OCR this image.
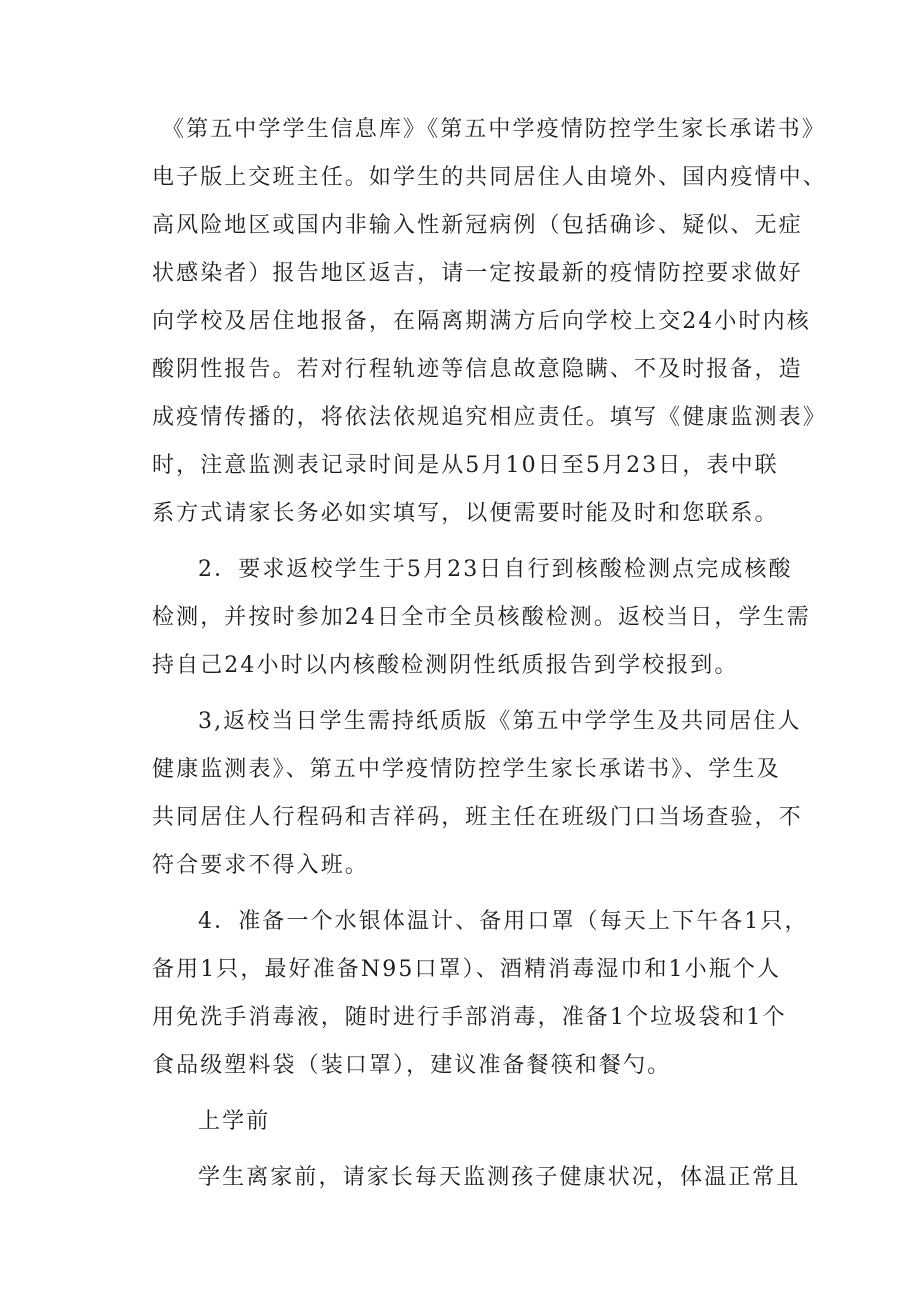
《第五中学学生信息库》《第五中学疫情防控学生家长承诺书》
电子版上交班主任。如学生的共同居住人由境外、国内疫情中、
高风险地区或国内非输入性新冠病例（包括确诊、疑似、无症
状感染者）报告地区返吉，请一定按最新的疫情防控要求做好
向学校及居住地报备，在隔离期满方后向学校上交24小时内核
酸阴性报告。若对行程轨迹等信息故意隐瞒、不及时报备，造
成疫情传播的，将依法依规追究相应责任。填写《健康监测表》
时，注意监测表记录时间是从5月10日至5月23日，表中联
系方式请家长务必如实填写，以便需要时能及时和您联系。
2．要求返校学生于5月23日自行到核酸检测点完成核酸
检测，并按时参加24日全市全员核酸检测。返校当日，学生需
持自己24小时以内核酸检测阴性纸质报告到学校报到。
3,返校当日学生需持纸质版《第五中学学生及共同居住人
健康监测表》、第五中学疫情防控学生家长承诺书》、学生及
共同居住人行程码和吉祥码，班主任在班级门口当场查验，不
符合要求不得入班。
4．准备一个水银体温计、备用口罩（每天上下午各1只，
备用1只，最好准备N95口罩）、酒精消毒湿巾和1小瓶个人
用免洗手消毒液，随时进行手部消毒，准备1个垃圾袋和1个
食品级塑料袋（装口罩），建议准备餐筷和餐勺。
上学前
学生离家前，请家长每天监测孩子健康状况，体温正常且
